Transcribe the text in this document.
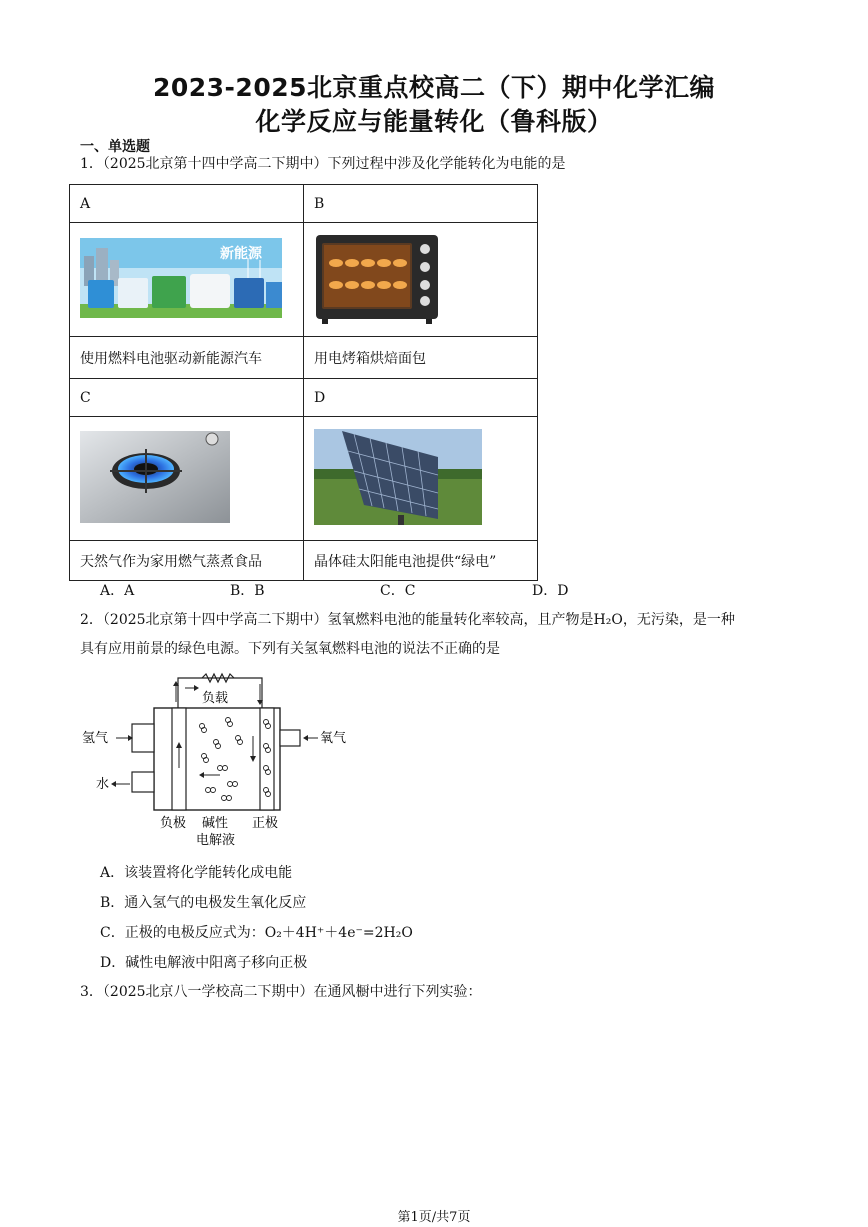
2023-2025北京重点校高二（下）期中化学汇编
化学反应与能量转化（鲁科版）
一、单选题
1．（2025北京第十四中学高二下期中）下列过程中涉及化学能转化为电能的是
A	B

新能源

使用燃料电池驱动新能源汽车	用电烤箱烘焙面包
C	D

天然气作为家用燃气蒸煮食品	晶体硅太阳能电池提供“绿电”
A．A	B．B	C．C	D．D
2．（2025北京第十四中学高二下期中）氢氧燃料电池的能量转化率较高，且产物是H₂O，无污染，是一种
具有应用前景的绿色电源。下列有关氢氧燃料电池的说法不正确的是
负载
氢气	氧气
水
负极 碱性
电解液
正极
A．该装置将化学能转化成电能
B．通入氢气的电极发生氧化反应
C．正极的电极反应式为：O₂＋4H⁺＋4e⁻=2H₂O
D．碱性电解液中阳离子移向正极
3．（2025北京八一学校高二下期中）在通风橱中进行下列实验：
第1页/共7页
